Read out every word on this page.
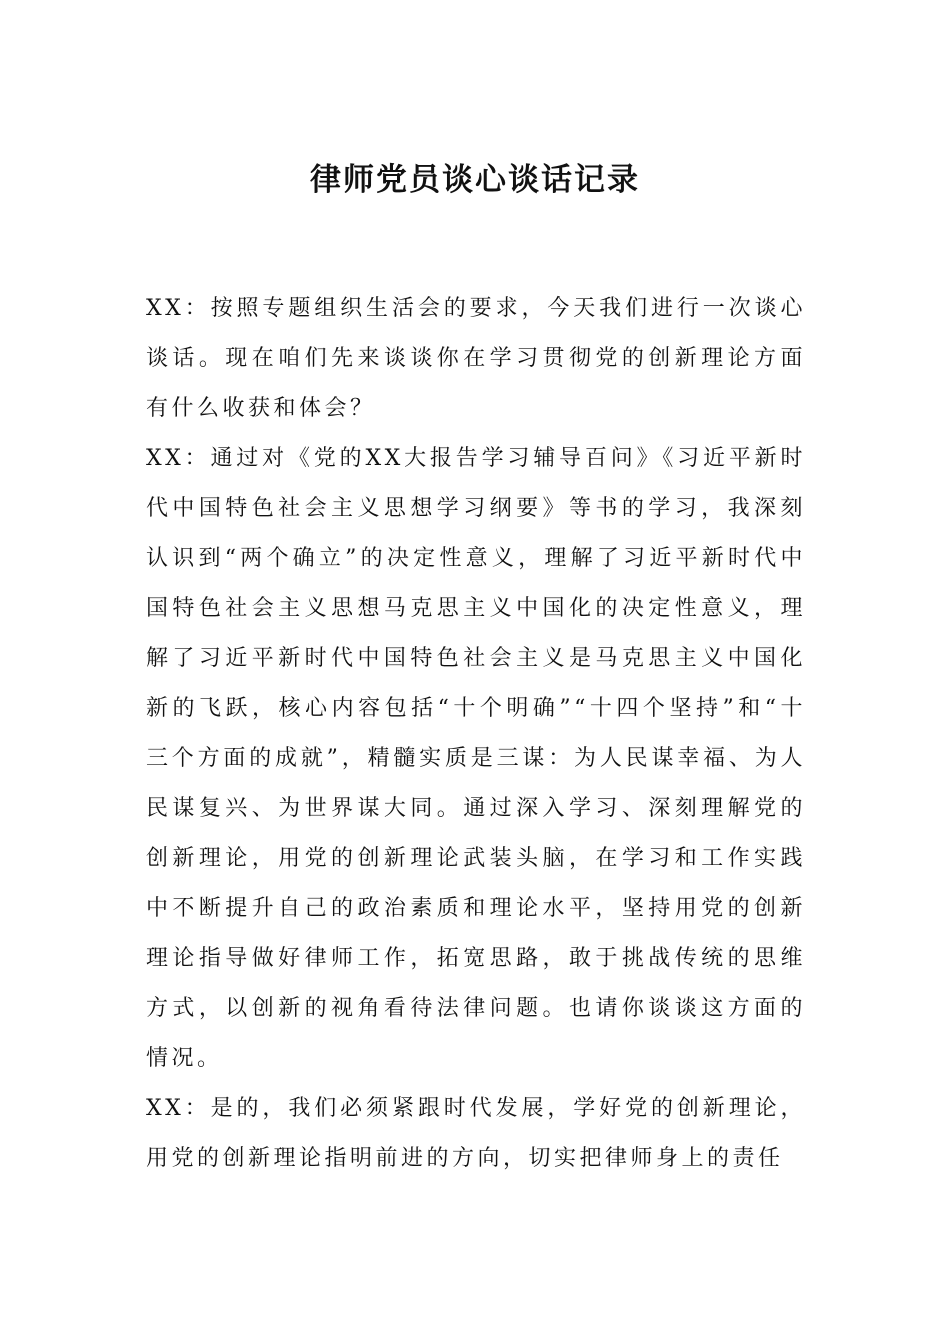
律师党员谈心谈话记录

XX：按照专题组织生活会的要求，今天我们进行一次谈心谈话。现在咱们先来谈谈你在学习贯彻党的创新理论方面有什么收获和体会？

XX：通过对《党的XX大报告学习辅导百问》《习近平新时代中国特色社会主义思想学习纲要》等书的学习，我深刻认识到“两个确立”的决定性意义，理解了习近平新时代中国特色社会主义思想马克思主义中国化的决定性意义，理解了习近平新时代中国特色社会主义是马克思主义中国化新的飞跃，核心内容包括“十个明确”“十四个坚持”和“十三个方面的成就”，精髓实质是三谋：为人民谋幸福、为人民谋复兴、为世界谋大同。通过深入学习、深刻理解党的创新理论，用党的创新理论武装头脑，在学习和工作实践中不断提升自己的政治素质和理论水平，坚持用党的创新理论指导做好律师工作，拓宽思路，敢于挑战传统的思维方式，以创新的视角看待法律问题。也请你谈谈这方面的情况。

XX：是的，我们必须紧跟时代发展，学好党的创新理论，用党的创新理论指明前进的方向，切实把律师身上的责任
